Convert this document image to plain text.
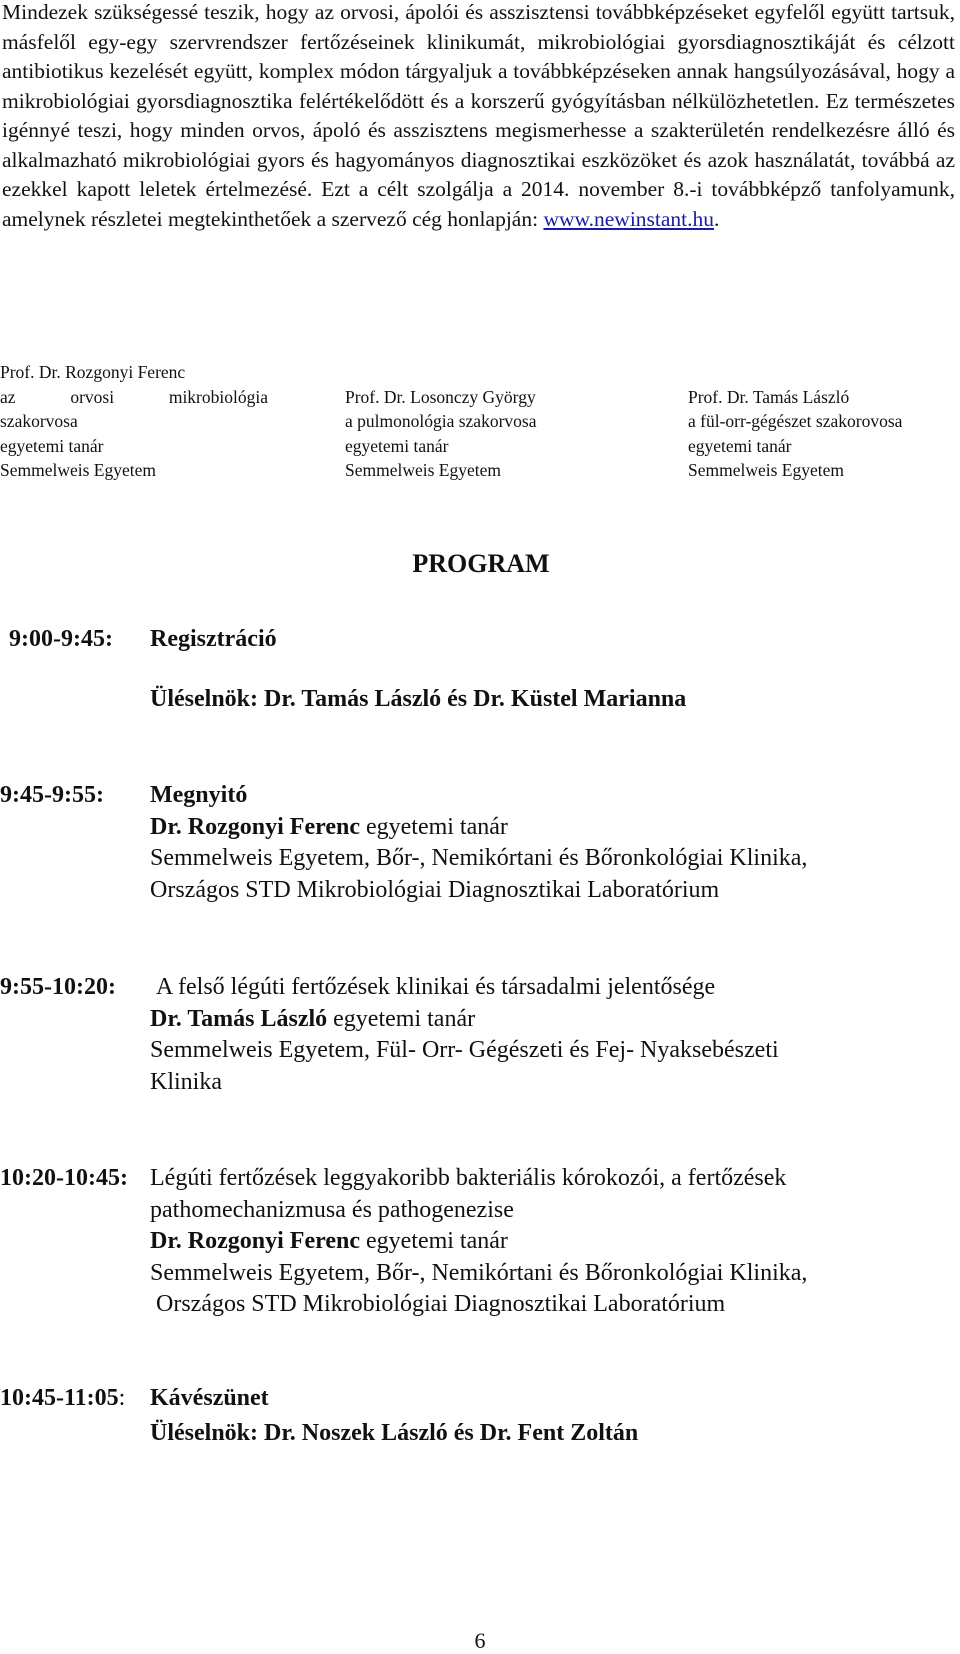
Mindezek szükségessé teszik, hogy az orvosi, ápolói és asszisztensi továbbképzéseket egyfelől együtt tartsuk, másfelől egy-egy szervrendszer fertőzéseinek klinikumát, mikrobiológiai gyorsdiagnosztikáját és célzott antibiotikus kezelését együtt, komplex módon tárgyaljuk a továbbképzéseken annak hangsúlyozásával, hogy a mikrobiológiai gyorsdiagnosztika felértékelődött és a korszerű gyógyításban nélkülözhetetlen. Ez természetes igénnyé teszi, hogy minden orvos, ápoló és asszisztens megismerhesse a szakterületén rendelkezésre álló és alkalmazható mikrobiológiai gyors és hagyományos diagnosztikai eszközöket és azok használatát, továbbá az ezekkel kapott leletek értelmezésé. Ezt a célt szolgálja a 2014. november 8.-i továbbképző tanfolyamunk, amelynek részletei megtekinthetőek a szervező cég honlapján: www.newinstant.hu.

Prof. Dr. Rozgonyi Ferenc
az	orvosi	mikrobiológia
szakorvosa
egyetemi tanár
Semmelweis Egyetem
Prof. Dr. Losonczy György
a pulmonológia szakorvosa
egyetemi tanár
Semmelweis Egyetem
Prof. Dr. Tamás László
a fül-orr-gégészet szakorovosa
egyetemi tanár
Semmelweis Egyetem
PROGRAM
9:00-9:45: Regisztráció
Üléselnök: Dr. Tamás László és Dr. Küstel Marianna
9:45-9:55: Megnyitó
Dr. Rozgonyi Ferenc egyetemi tanár
Semmelweis Egyetem, Bőr-, Nemikórtani és Bőronkológiai Klinika,
Országos STD Mikrobiológiai Diagnosztikai Laboratórium
9:55-10:20: A felső légúti fertőzések klinikai és társadalmi jelentősége
Dr. Tamás László egyetemi tanár
Semmelweis Egyetem, Fül- Orr- Gégészeti és Fej- Nyaksebészeti
Klinika
10:20-10:45: Légúti fertőzések leggyakoribb bakteriális kórokozói, a fertőzések
pathomechanizmusa és pathogenezise
Dr. Rozgonyi Ferenc egyetemi tanár
Semmelweis Egyetem, Bőr-, Nemikórtani és Bőronkológiai Klinika,
Országos STD Mikrobiológiai Diagnosztikai Laboratórium
10:45-11:05: Kávészünet
Üléselnök: Dr. Noszek László és Dr. Fent Zoltán
6
